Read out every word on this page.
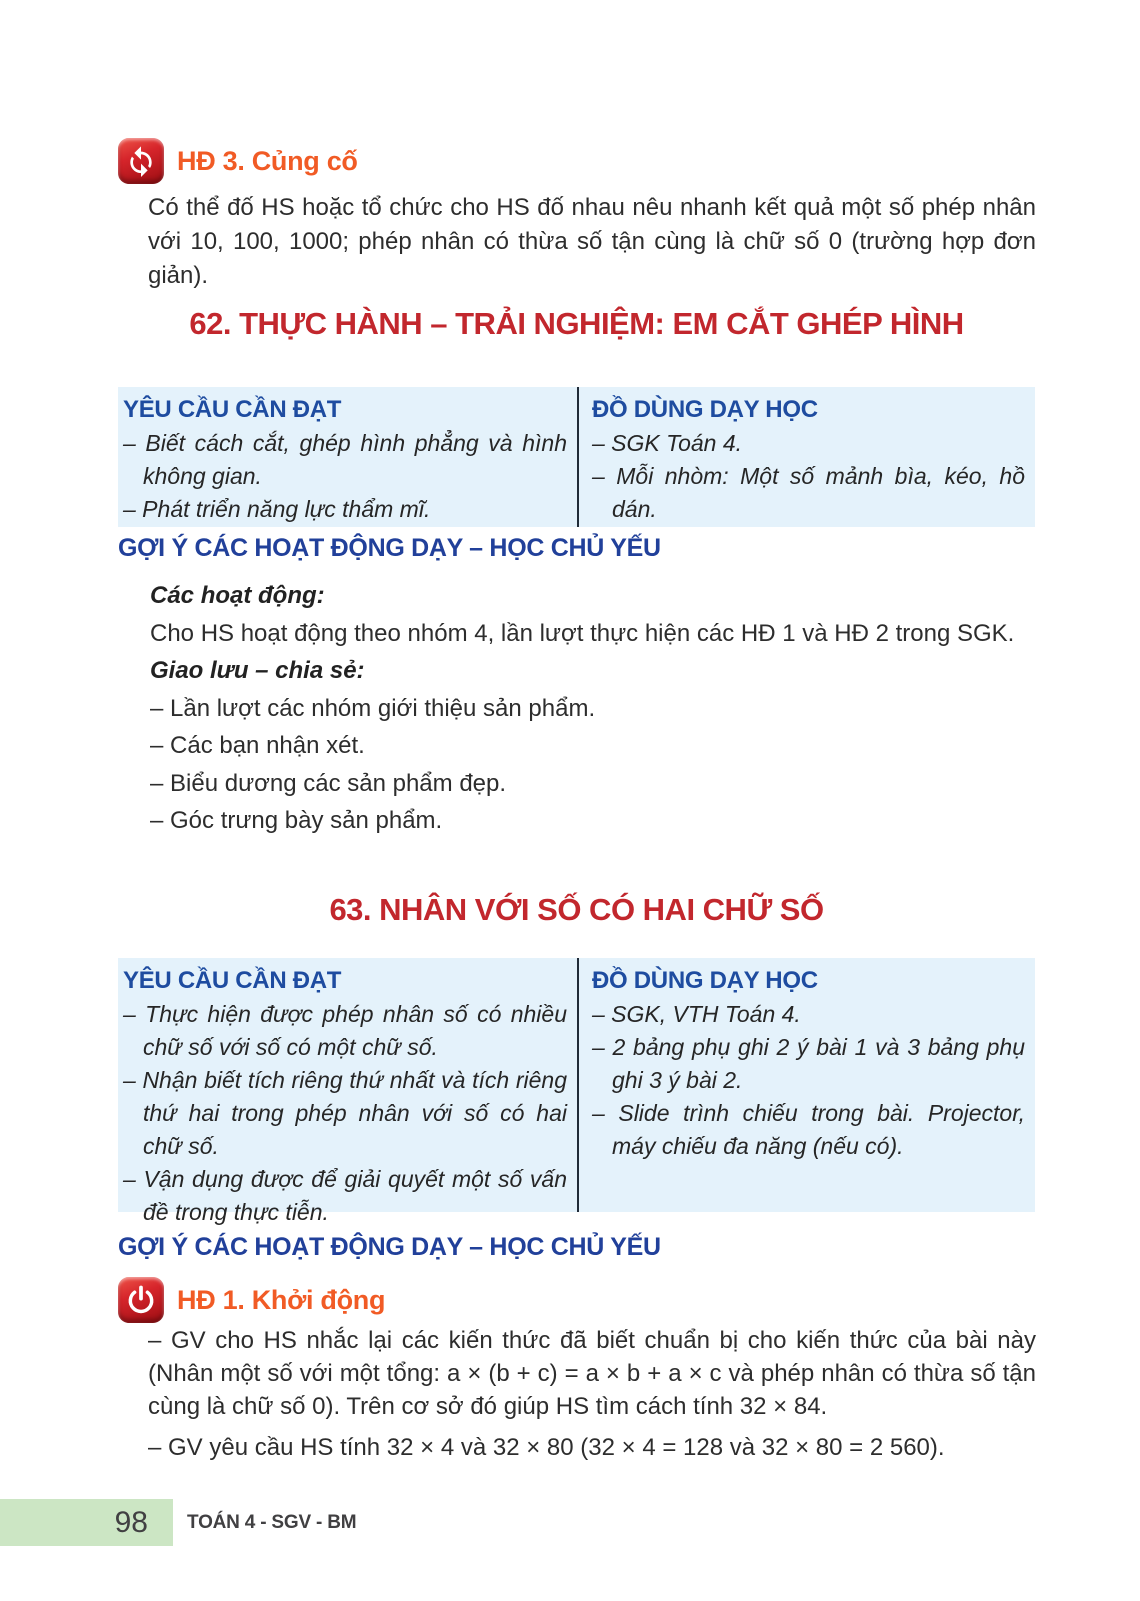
HĐ 3. Củng cố

Có thể đố HS hoặc tổ chức cho HS đố nhau nêu nhanh kết quả một số phép nhân với 10, 100, 1000; phép nhân có thừa số tận cùng là chữ số 0 (trường hợp đơn giản).

62. THỰC HÀNH – TRẢI NGHIỆM: EM CẮT GHÉP HÌNH
YÊU CẦU CẦN ĐẠT
– Biết cách cắt, ghép hình phẳng và hình không gian.
– Phát triển năng lực thẩm mĩ.
ĐỒ DÙNG DẠY HỌC
– SGK Toán 4.
– Mỗi nhòm: Một số mảnh bìa, kéo, hồ dán.
GỢI Ý CÁC HOẠT ĐỘNG DẠY – HỌC CHỦ YẾU

Các hoạt động:

Cho HS hoạt động theo nhóm 4, lần lượt thực hiện các HĐ 1 và HĐ 2 trong SGK.

Giao lưu – chia sẻ:

– Lần lượt các nhóm giới thiệu sản phẩm.

– Các bạn nhận xét.

– Biểu dương các sản phẩm đẹp.

– Góc trưng bày sản phẩm.

63. NHÂN VỚI SỐ CÓ HAI CHỮ SỐ
YÊU CẦU CẦN ĐẠT
– Thực hiện được phép nhân số có nhiều chữ số với số có một chữ số.
– Nhận biết tích riêng thứ nhất và tích riêng thứ hai trong phép nhân với số có hai chữ số.
– Vận dụng được để giải quyết một số vấn đề trong thực tiễn.
ĐỒ DÙNG DẠY HỌC
– SGK, VTH Toán 4.
– 2 bảng phụ ghi 2 ý bài 1 và 3 bảng phụ ghi 3 ý bài 2.
– Slide trình chiếu trong bài. Projector, máy chiếu đa năng (nếu có).
GỢI Ý CÁC HOẠT ĐỘNG DẠY – HỌC CHỦ YẾU
HĐ 1. Khởi động

– GV cho HS nhắc lại các kiến thức đã biết chuẩn bị cho kiến thức của bài này (Nhân một số với một tổng: a × (b + c) = a × b + a × c và phép nhân có thừa số tận cùng là chữ số 0). Trên cơ sở đó giúp HS tìm cách tính 32 × 84.

– GV yêu cầu HS tính 32 × 4 và 32 × 80 (32 × 4 = 128 và 32 × 80 = 2 560).

98 TOÁN 4 - SGV - BM
